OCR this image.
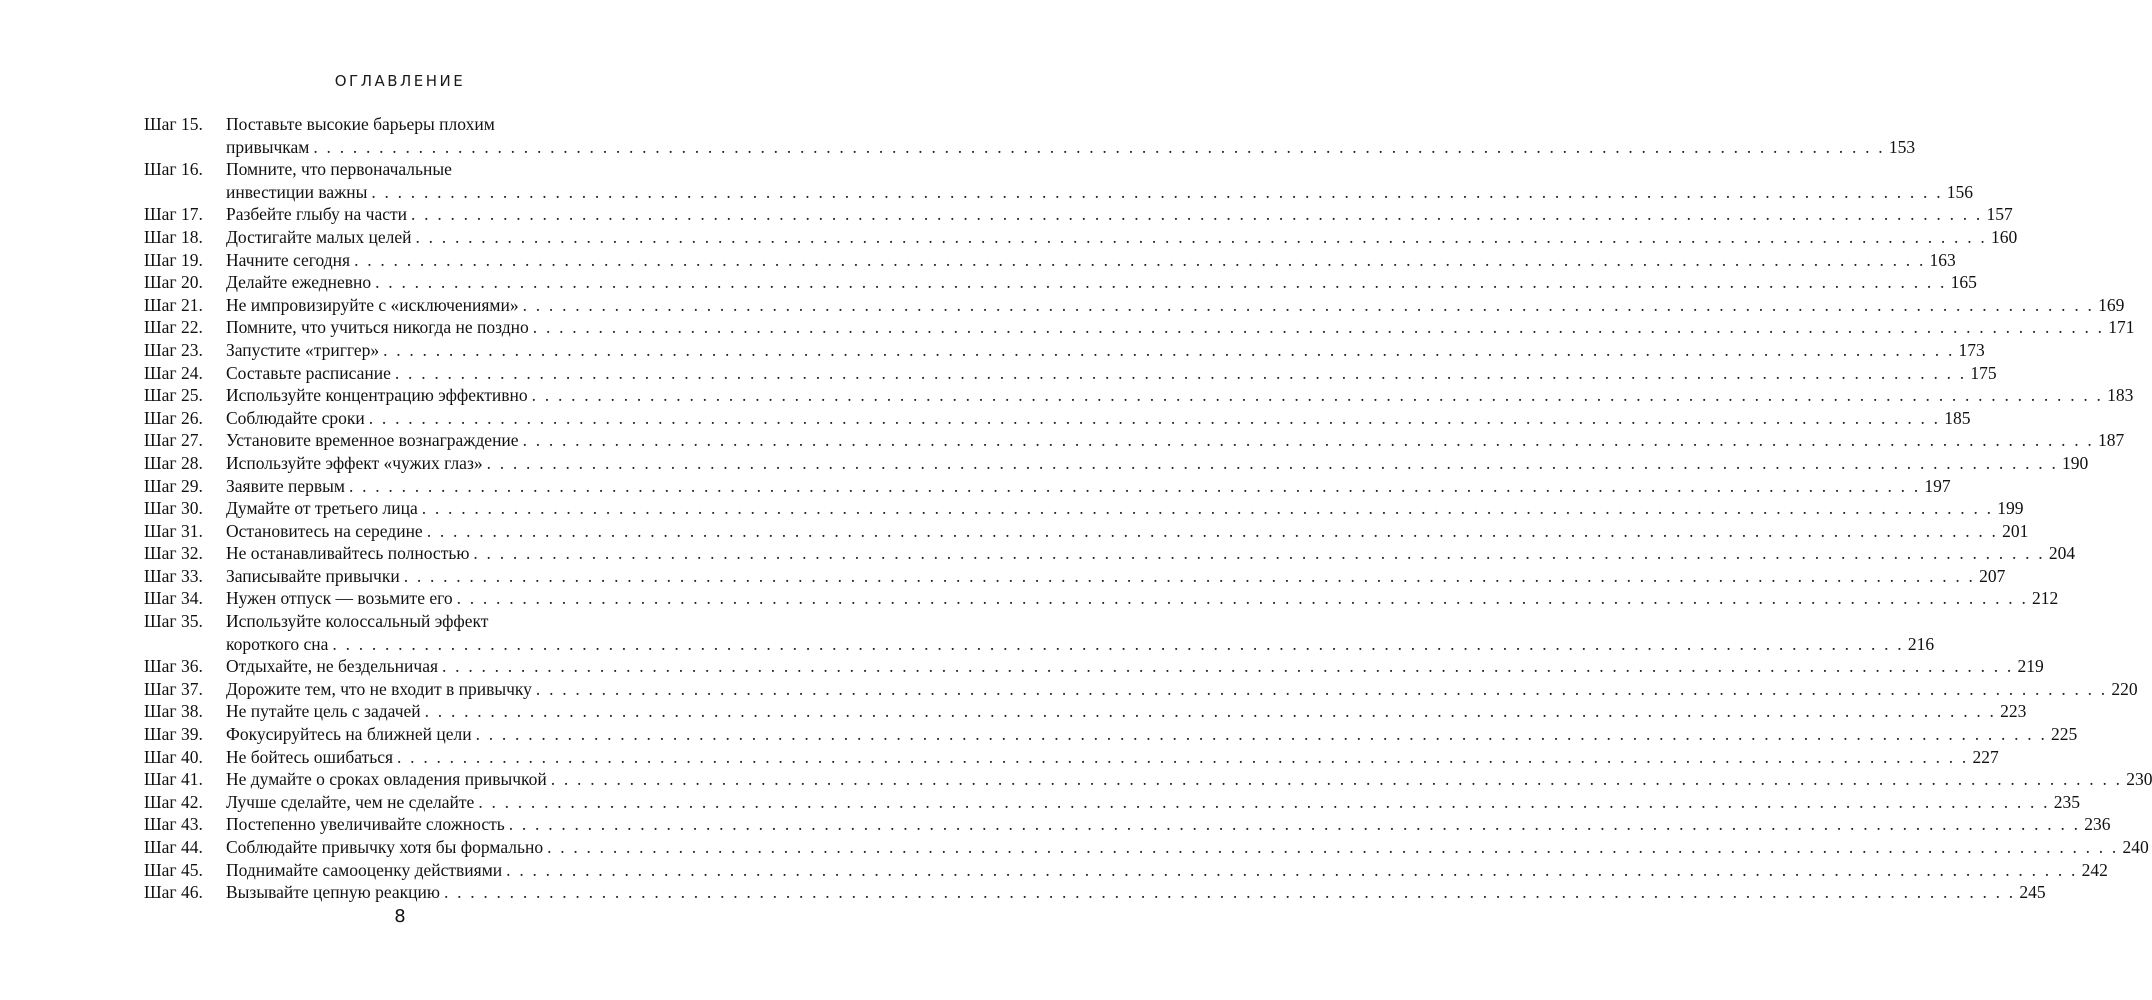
ОГЛАВЛЕНИЕ
Шаг 15.	Поставьте высокие барьеры плохим
привычкам . . . . . . . . . . . . . . . . . . . . . . . . . . . . . . . . . . . . . . . . . . . . . . . . . . . . . . . . . . . . . . . . . . . . . . . . . . . . . . . . . . . . . . . . . . . . . . . . . . . . . . . . . . . . . . . . . . . . . . . . 153
Шаг 16.	Помните, что первоначальные
инвестиции важны . . . . . . . . . . . . . . . . . . . . . . . . . . . . . . . . . . . . . . . . . . . . . . . . . . . . . . . . . . . . . . . . . . . . . . . . . . . . . . . . . . . . . . . . . . . . . . . . . . . . . . . . . . . . . . . . . . . . . . . . 156
Шаг 17.	Разбейте глыбу на части . . . . . . . . . . . . . . . . . . . . . . . . . . . . . . . . . . . . . . . . . . . . . . . . . . . . . . . . . . . . . . . . . . . . . . . . . . . . . . . . . . . . . . . . . . . . . . . . . . . . . . . . . . . . . . . . . . . . . . . . 157
Шаг 18.	Достигайте малых целей . . . . . . . . . . . . . . . . . . . . . . . . . . . . . . . . . . . . . . . . . . . . . . . . . . . . . . . . . . . . . . . . . . . . . . . . . . . . . . . . . . . . . . . . . . . . . . . . . . . . . . . . . . . . . . . . . . . . . . . . 160
Шаг 19.	Начните сегодня . . . . . . . . . . . . . . . . . . . . . . . . . . . . . . . . . . . . . . . . . . . . . . . . . . . . . . . . . . . . . . . . . . . . . . . . . . . . . . . . . . . . . . . . . . . . . . . . . . . . . . . . . . . . . . . . . . . . . . . . 163
Шаг 20.	Делайте ежедневно . . . . . . . . . . . . . . . . . . . . . . . . . . . . . . . . . . . . . . . . . . . . . . . . . . . . . . . . . . . . . . . . . . . . . . . . . . . . . . . . . . . . . . . . . . . . . . . . . . . . . . . . . . . . . . . . . . . . . . . . 165
Шаг 21.	Не импровизируйте с «исключениями» . . . . . . . . . . . . . . . . . . . . . . . . . . . . . . . . . . . . . . . . . . . . . . . . . . . . . . . . . . . . . . . . . . . . . . . . . . . . . . . . . . . . . . . . . . . . . . . . . . . . . . . . . . . . . . . . . . . . . . . . 169
Шаг 22.	Помните, что учиться никогда не поздно . . . . . . . . . . . . . . . . . . . . . . . . . . . . . . . . . . . . . . . . . . . . . . . . . . . . . . . . . . . . . . . . . . . . . . . . . . . . . . . . . . . . . . . . . . . . . . . . . . . . . . . . . . . . . . . . . . . . . . . . 171
Шаг 23.	Запустите «триггер» . . . . . . . . . . . . . . . . . . . . . . . . . . . . . . . . . . . . . . . . . . . . . . . . . . . . . . . . . . . . . . . . . . . . . . . . . . . . . . . . . . . . . . . . . . . . . . . . . . . . . . . . . . . . . . . . . . . . . . . . 173
Шаг 24.	Составьте расписание . . . . . . . . . . . . . . . . . . . . . . . . . . . . . . . . . . . . . . . . . . . . . . . . . . . . . . . . . . . . . . . . . . . . . . . . . . . . . . . . . . . . . . . . . . . . . . . . . . . . . . . . . . . . . . . . . . . . . . . . 175
Шаг 25.	Используйте концентрацию эффективно . . . . . . . . . . . . . . . . . . . . . . . . . . . . . . . . . . . . . . . . . . . . . . . . . . . . . . . . . . . . . . . . . . . . . . . . . . . . . . . . . . . . . . . . . . . . . . . . . . . . . . . . . . . . . . . . . . . . . . . . 183
Шаг 26.	Соблюдайте сроки . . . . . . . . . . . . . . . . . . . . . . . . . . . . . . . . . . . . . . . . . . . . . . . . . . . . . . . . . . . . . . . . . . . . . . . . . . . . . . . . . . . . . . . . . . . . . . . . . . . . . . . . . . . . . . . . . . . . . . . . 185
Шаг 27.	Установите временное вознаграждение . . . . . . . . . . . . . . . . . . . . . . . . . . . . . . . . . . . . . . . . . . . . . . . . . . . . . . . . . . . . . . . . . . . . . . . . . . . . . . . . . . . . . . . . . . . . . . . . . . . . . . . . . . . . . . . . . . . . . . . . 187
Шаг 28.	Используйте эффект «чужих глаз» . . . . . . . . . . . . . . . . . . . . . . . . . . . . . . . . . . . . . . . . . . . . . . . . . . . . . . . . . . . . . . . . . . . . . . . . . . . . . . . . . . . . . . . . . . . . . . . . . . . . . . . . . . . . . . . . . . . . . . . . 190
Шаг 29.	Заявите первым . . . . . . . . . . . . . . . . . . . . . . . . . . . . . . . . . . . . . . . . . . . . . . . . . . . . . . . . . . . . . . . . . . . . . . . . . . . . . . . . . . . . . . . . . . . . . . . . . . . . . . . . . . . . . . . . . . . . . . . . 197
Шаг 30.	Думайте от третьего лица . . . . . . . . . . . . . . . . . . . . . . . . . . . . . . . . . . . . . . . . . . . . . . . . . . . . . . . . . . . . . . . . . . . . . . . . . . . . . . . . . . . . . . . . . . . . . . . . . . . . . . . . . . . . . . . . . . . . . . . . 199
Шаг 31.	Остановитесь на середине . . . . . . . . . . . . . . . . . . . . . . . . . . . . . . . . . . . . . . . . . . . . . . . . . . . . . . . . . . . . . . . . . . . . . . . . . . . . . . . . . . . . . . . . . . . . . . . . . . . . . . . . . . . . . . . . . . . . . . . . 201
Шаг 32.	Не останавливайтесь полностью . . . . . . . . . . . . . . . . . . . . . . . . . . . . . . . . . . . . . . . . . . . . . . . . . . . . . . . . . . . . . . . . . . . . . . . . . . . . . . . . . . . . . . . . . . . . . . . . . . . . . . . . . . . . . . . . . . . . . . . . 204
Шаг 33.	Записывайте привычки . . . . . . . . . . . . . . . . . . . . . . . . . . . . . . . . . . . . . . . . . . . . . . . . . . . . . . . . . . . . . . . . . . . . . . . . . . . . . . . . . . . . . . . . . . . . . . . . . . . . . . . . . . . . . . . . . . . . . . . . 207
Шаг 34.	Нужен отпуск — возьмите его . . . . . . . . . . . . . . . . . . . . . . . . . . . . . . . . . . . . . . . . . . . . . . . . . . . . . . . . . . . . . . . . . . . . . . . . . . . . . . . . . . . . . . . . . . . . . . . . . . . . . . . . . . . . . . . . . . . . . . . . 212
Шаг 35.	Используйте колоссальный эффект
короткого сна . . . . . . . . . . . . . . . . . . . . . . . . . . . . . . . . . . . . . . . . . . . . . . . . . . . . . . . . . . . . . . . . . . . . . . . . . . . . . . . . . . . . . . . . . . . . . . . . . . . . . . . . . . . . . . . . . . . . . . . . 216
Шаг 36.	Отдыхайте, не бездельничая . . . . . . . . . . . . . . . . . . . . . . . . . . . . . . . . . . . . . . . . . . . . . . . . . . . . . . . . . . . . . . . . . . . . . . . . . . . . . . . . . . . . . . . . . . . . . . . . . . . . . . . . . . . . . . . . . . . . . . . . 219
Шаг 37.	Дорожите тем, что не входит в привычку . . . . . . . . . . . . . . . . . . . . . . . . . . . . . . . . . . . . . . . . . . . . . . . . . . . . . . . . . . . . . . . . . . . . . . . . . . . . . . . . . . . . . . . . . . . . . . . . . . . . . . . . . . . . . . . . . . . . . . . . 220
Шаг 38.	Не путайте цель с задачей . . . . . . . . . . . . . . . . . . . . . . . . . . . . . . . . . . . . . . . . . . . . . . . . . . . . . . . . . . . . . . . . . . . . . . . . . . . . . . . . . . . . . . . . . . . . . . . . . . . . . . . . . . . . . . . . . . . . . . . . 223
Шаг 39.	Фокусируйтесь на ближней цели . . . . . . . . . . . . . . . . . . . . . . . . . . . . . . . . . . . . . . . . . . . . . . . . . . . . . . . . . . . . . . . . . . . . . . . . . . . . . . . . . . . . . . . . . . . . . . . . . . . . . . . . . . . . . . . . . . . . . . . . 225
Шаг 40.	Не бойтесь ошибаться . . . . . . . . . . . . . . . . . . . . . . . . . . . . . . . . . . . . . . . . . . . . . . . . . . . . . . . . . . . . . . . . . . . . . . . . . . . . . . . . . . . . . . . . . . . . . . . . . . . . . . . . . . . . . . . . . . . . . . . . 227
Шаг 41.	Не думайте о сроках овладения привычкой . . . . . . . . . . . . . . . . . . . . . . . . . . . . . . . . . . . . . . . . . . . . . . . . . . . . . . . . . . . . . . . . . . . . . . . . . . . . . . . . . . . . . . . . . . . . . . . . . . . . . . . . . . . . . . . . . . . . . . . . 230
Шаг 42.	Лучше сделайте, чем не сделайте . . . . . . . . . . . . . . . . . . . . . . . . . . . . . . . . . . . . . . . . . . . . . . . . . . . . . . . . . . . . . . . . . . . . . . . . . . . . . . . . . . . . . . . . . . . . . . . . . . . . . . . . . . . . . . . . . . . . . . . . 235
Шаг 43.	Постепенно увеличивайте сложность . . . . . . . . . . . . . . . . . . . . . . . . . . . . . . . . . . . . . . . . . . . . . . . . . . . . . . . . . . . . . . . . . . . . . . . . . . . . . . . . . . . . . . . . . . . . . . . . . . . . . . . . . . . . . . . . . . . . . . . . 236
Шаг 44.	Соблюдайте привычку хотя бы формально . . . . . . . . . . . . . . . . . . . . . . . . . . . . . . . . . . . . . . . . . . . . . . . . . . . . . . . . . . . . . . . . . . . . . . . . . . . . . . . . . . . . . . . . . . . . . . . . . . . . . . . . . . . . . . . . . . . . . . . . 240
Шаг 45.	Поднимайте самооценку действиями . . . . . . . . . . . . . . . . . . . . . . . . . . . . . . . . . . . . . . . . . . . . . . . . . . . . . . . . . . . . . . . . . . . . . . . . . . . . . . . . . . . . . . . . . . . . . . . . . . . . . . . . . . . . . . . . . . . . . . . . 242
Шаг 46.	Вызывайте цепную реакцию . . . . . . . . . . . . . . . . . . . . . . . . . . . . . . . . . . . . . . . . . . . . . . . . . . . . . . . . . . . . . . . . . . . . . . . . . . . . . . . . . . . . . . . . . . . . . . . . . . . . . . . . . . . . . . . . . . . . . . . . 245
8
